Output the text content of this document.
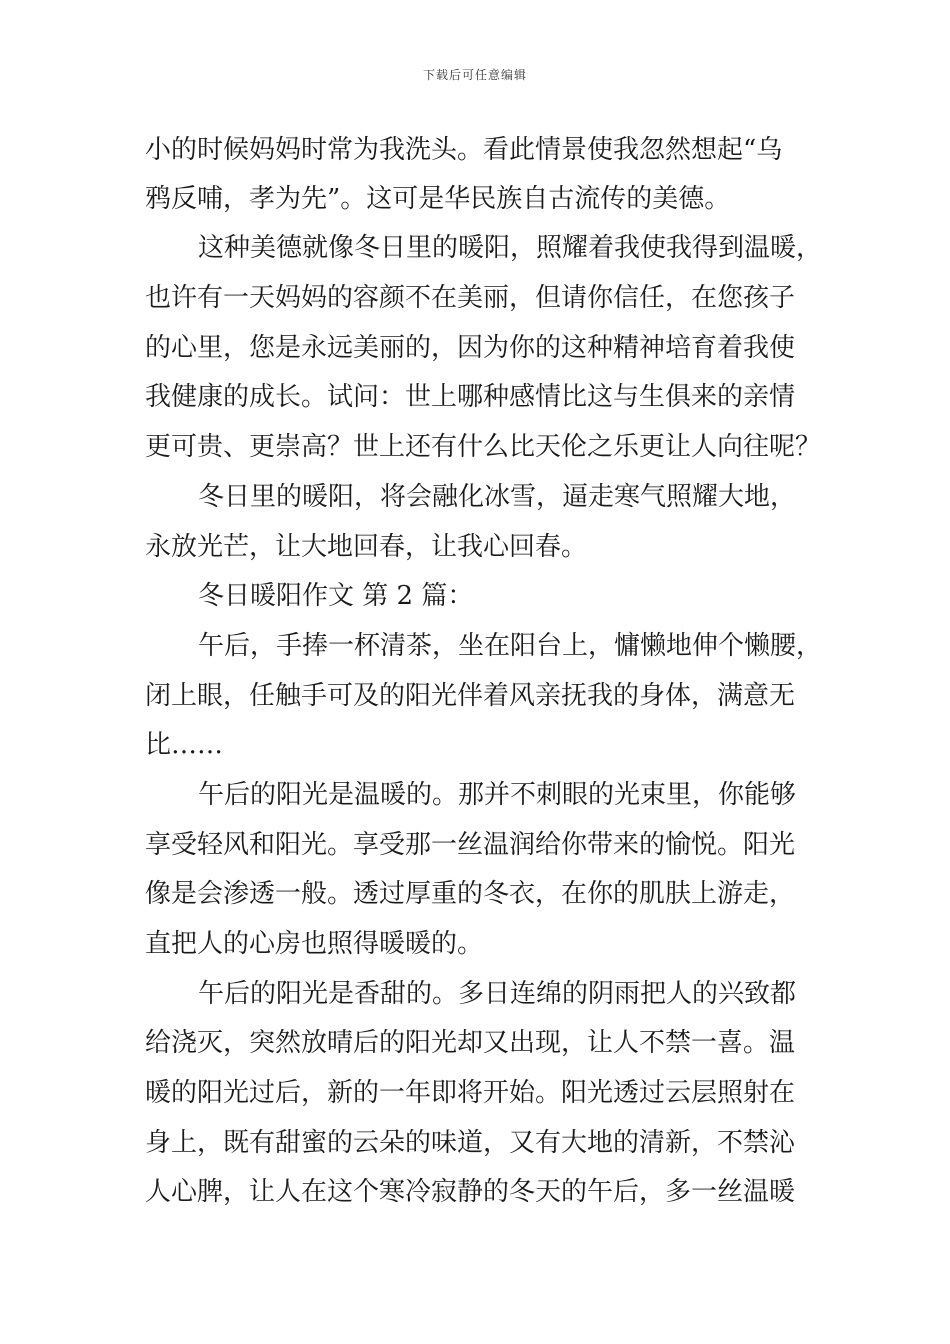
下载后可任意编辑
小的时候妈妈时常为我洗头。看此情景使我忽然想起“乌
鸦反哺，孝为先”。这可是华民族自古流传的美德。
这种美德就像冬日里的暖阳，照耀着我使我得到温暖，
也许有一天妈妈的容颜不在美丽，但请你信任，在您孩子
的心里，您是永远美丽的，因为你的这种精神培育着我使
我健康的成长。试问：世上哪种感情比这与生俱来的亲情
更可贵、更崇高？世上还有什么比天伦之乐更让人向往呢？
冬日里的暖阳，将会融化冰雪，逼走寒气照耀大地，
永放光芒，让大地回春，让我心回春。
冬日暖阳作文 第 2 篇：
午后，手捧一杯清茶，坐在阳台上，慵懒地伸个懒腰，
闭上眼，任触手可及的阳光伴着风亲抚我的身体，满意无
比……
午后的阳光是温暖的。那并不刺眼的光束里，你能够
享受轻风和阳光。享受那一丝温润给你带来的愉悦。阳光
像是会渗透一般。透过厚重的冬衣，在你的肌肤上游走，
直把人的心房也照得暖暖的。
午后的阳光是香甜的。多日连绵的阴雨把人的兴致都
给浇灭，突然放晴后的阳光却又出现，让人不禁一喜。温
暖的阳光过后，新的一年即将开始。阳光透过云层照射在
身上，既有甜蜜的云朵的味道，又有大地的清新，不禁沁
人心脾，让人在这个寒冷寂静的冬天的午后，多一丝温暖
